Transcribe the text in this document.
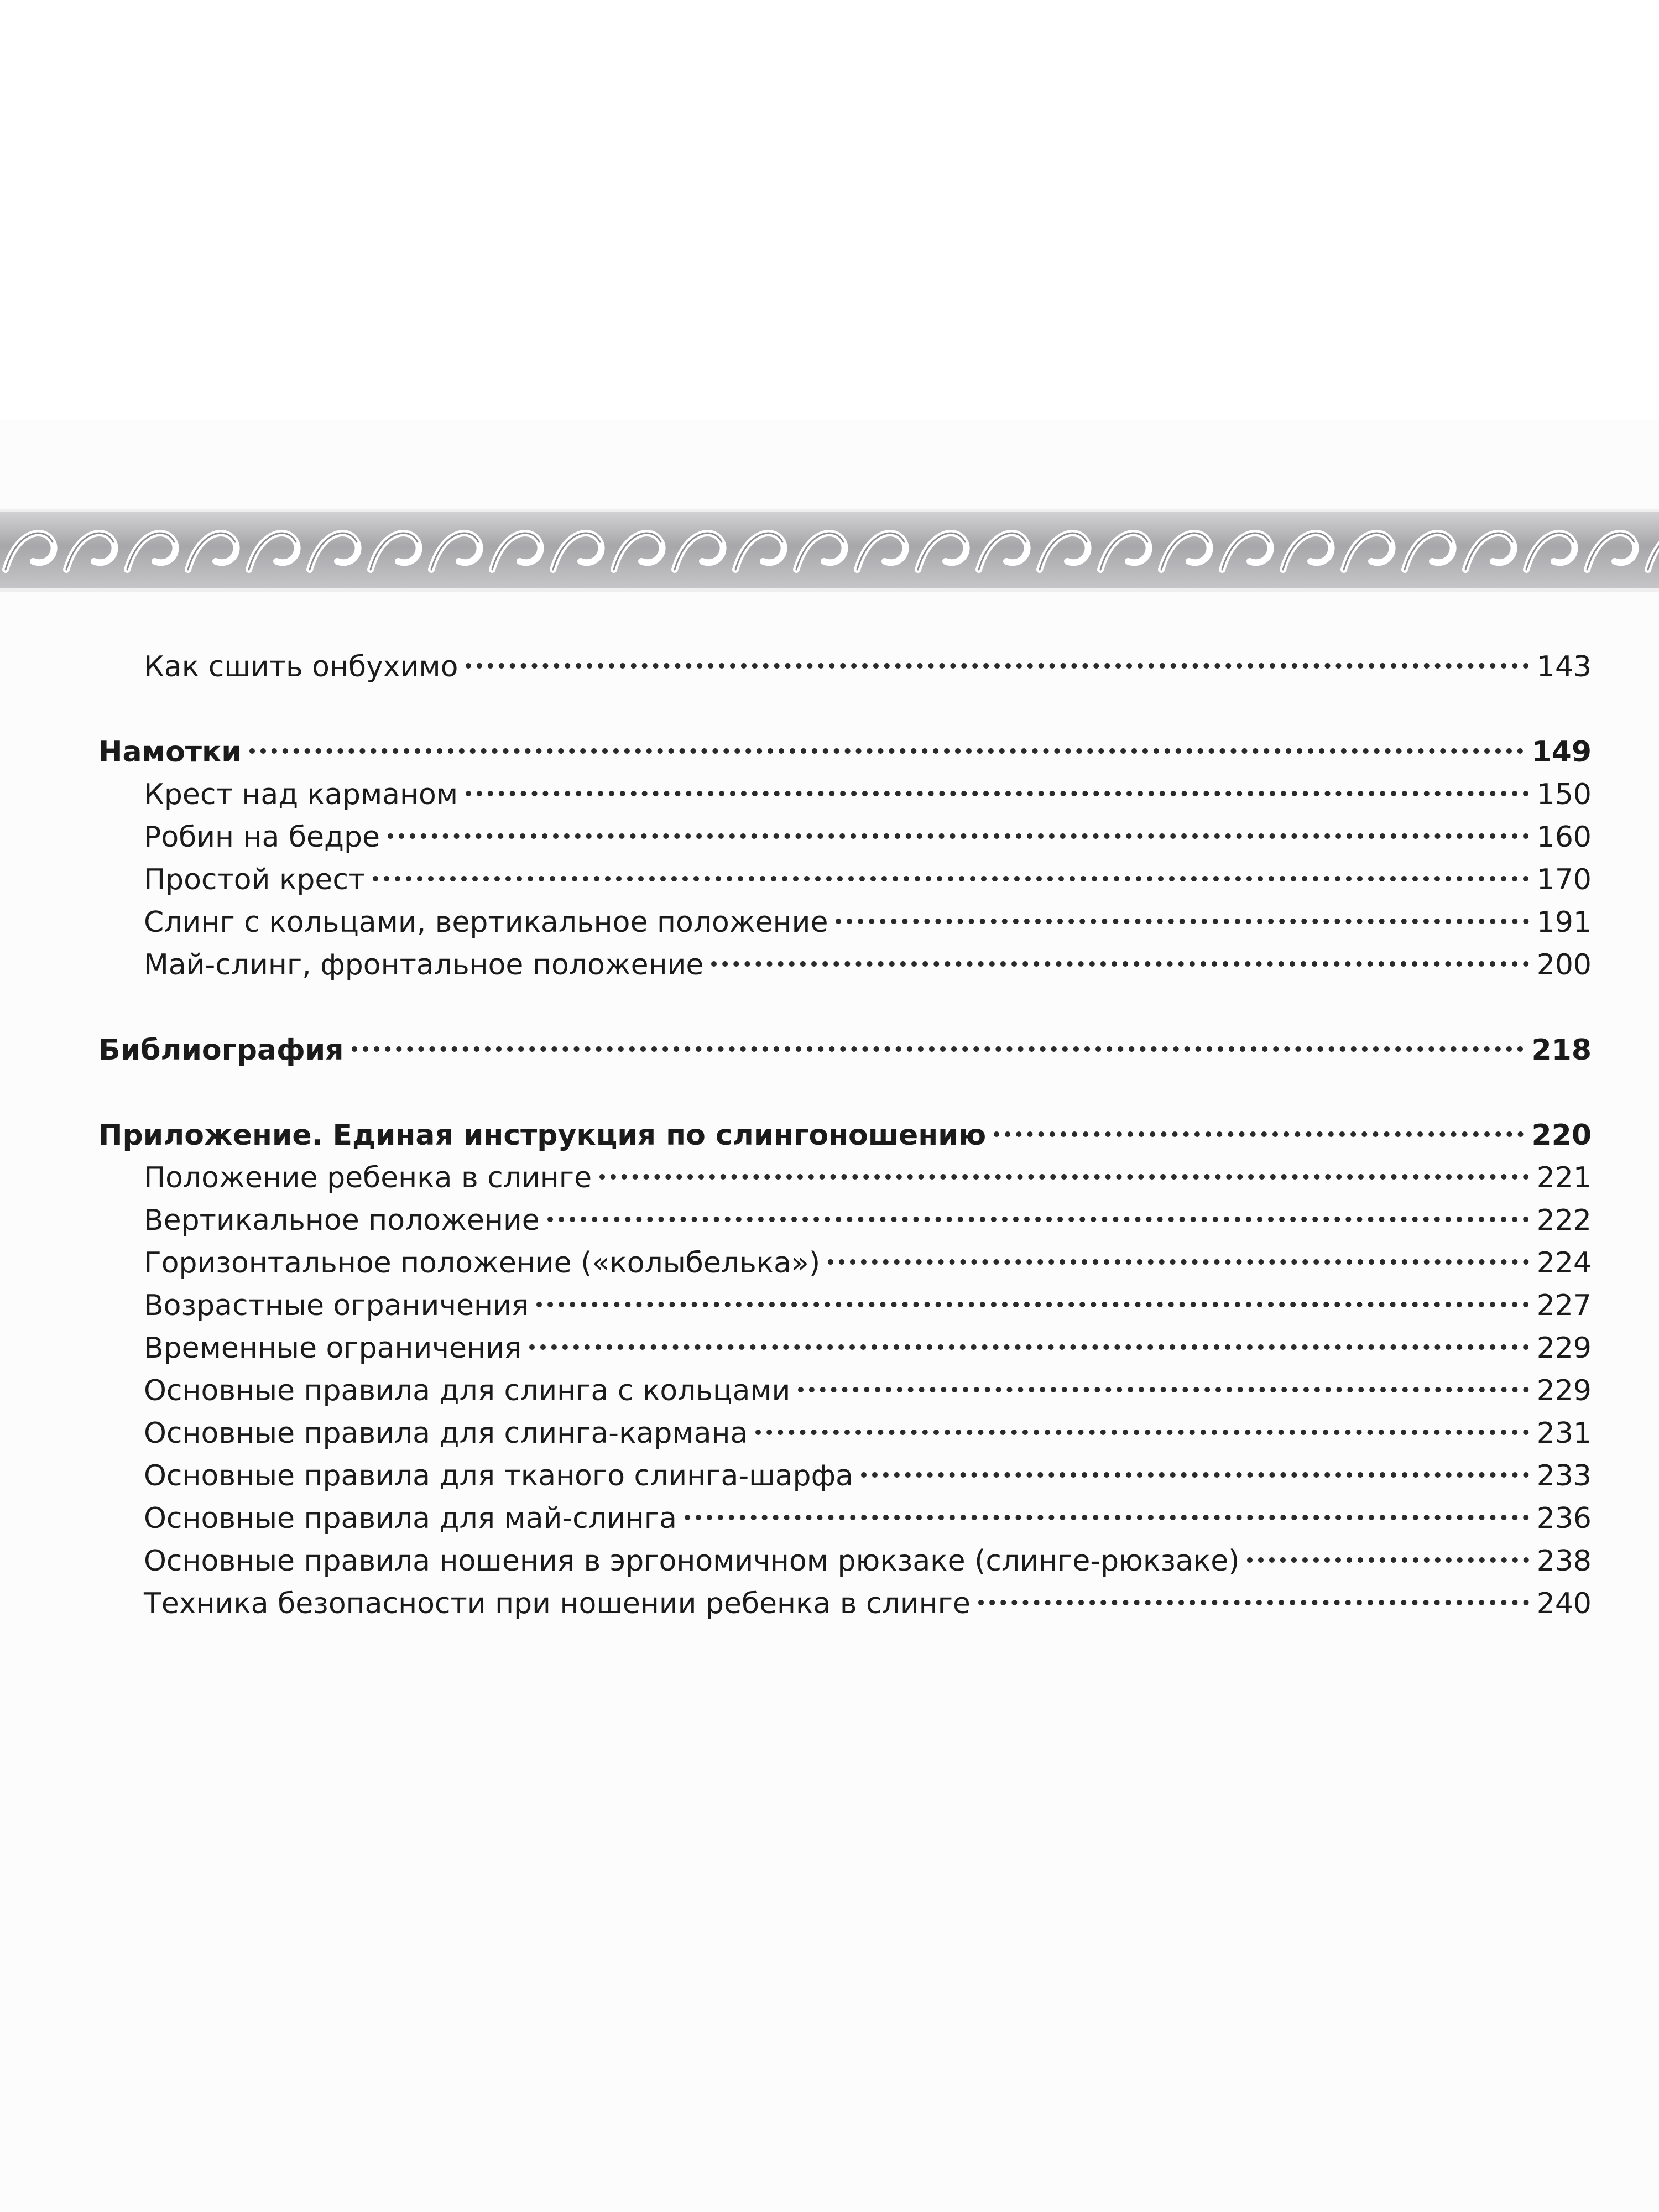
Как сшить онбухимо	143
Намотки	149
Крест над карманом	150
Робин на бедре	160
Простой крест	170
Слинг с кольцами, вертикальное положение	191
Май-слинг, фронтальное положение	200
Библиография	218
Приложение. Единая инструкция по слингоношению	220
Положение ребенка в слинге	221
Вертикальное положение	222
Горизонтальное положение («колыбелька»)	224
Возрастные ограничения	227
Временные ограничения	229
Основные правила для слинга с кольцами	229
Основные правила для слинга-кармана	231
Основные правила для тканого слинга-шарфа	233
Основные правила для май-слинга	236
Основные правила ношения в эргономичном рюкзаке (слинге-рюкзаке)	238
Техника безопасности при ношении ребенка в слинге	240
